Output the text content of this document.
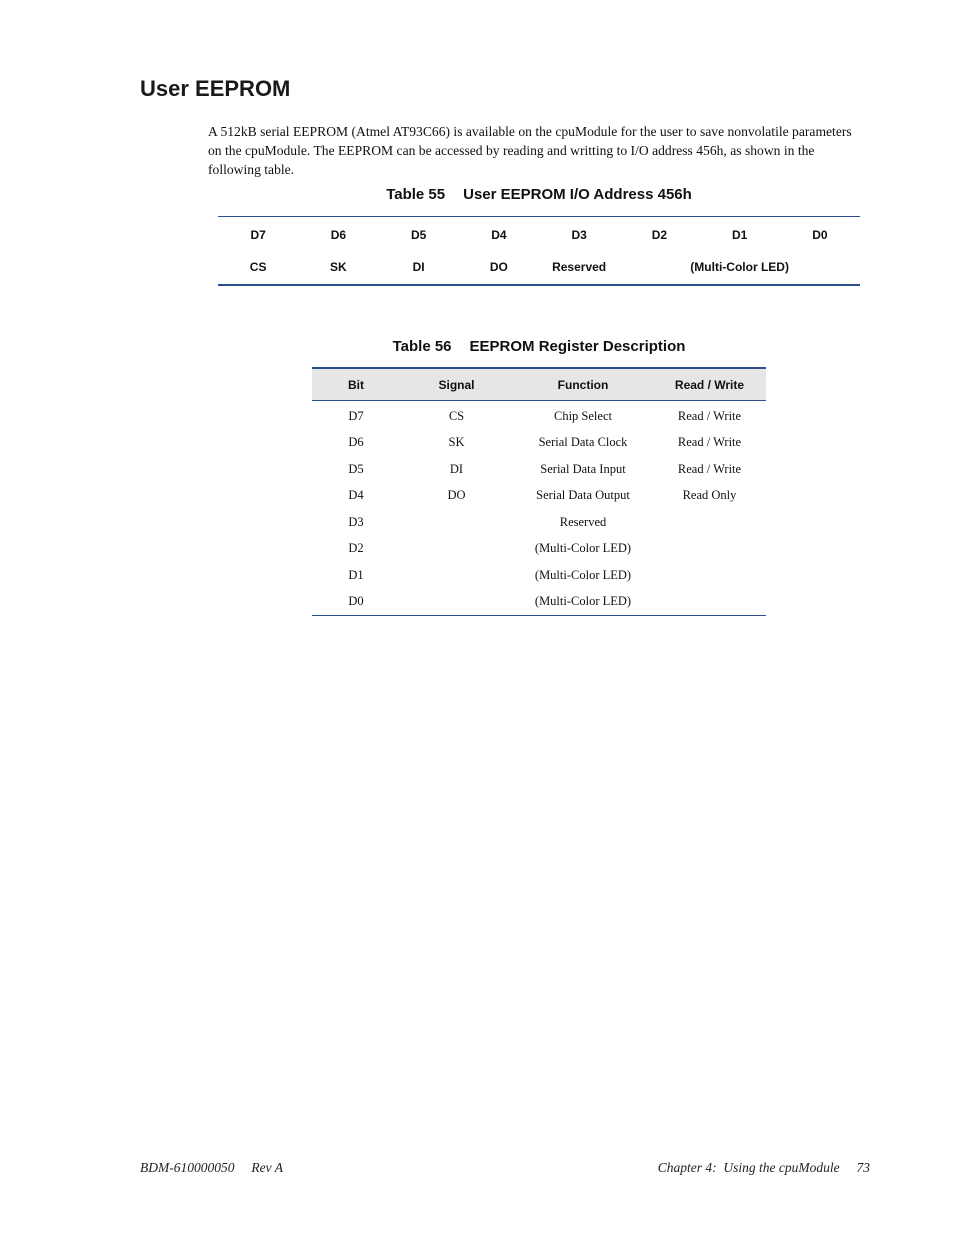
User EEPROM

A 512kB serial EEPROM (Atmel AT93C66) is available on the cpuModule for the user to save nonvolatile parameters on the cpuModule. The EEPROM can be accessed by reading and writting to I/O address 456h, as shown in the following table.

Table 55 User EEPROM I/O Address 456h
D7	D6	D5	D4	D3	D2	D1	D0
CS	SK	DI	DO	Reserved	(Multi-Color LED)		
Table 56 EEPROM Register Description
Bit	Signal	Function	Read / Write
D7	CS	Chip Select	Read / Write
D6	SK	Serial Data Clock	Read / Write
D5	DI	Serial Data Input	Read / Write
D4	DO	Serial Data Output	Read Only
D3		Reserved	
D2		(Multi-Color LED)	
D1		(Multi-Color LED)	
D0		(Multi-Color LED)	
BDM-610000050 Rev A	Chapter 4:  Using the cpuModule 73
